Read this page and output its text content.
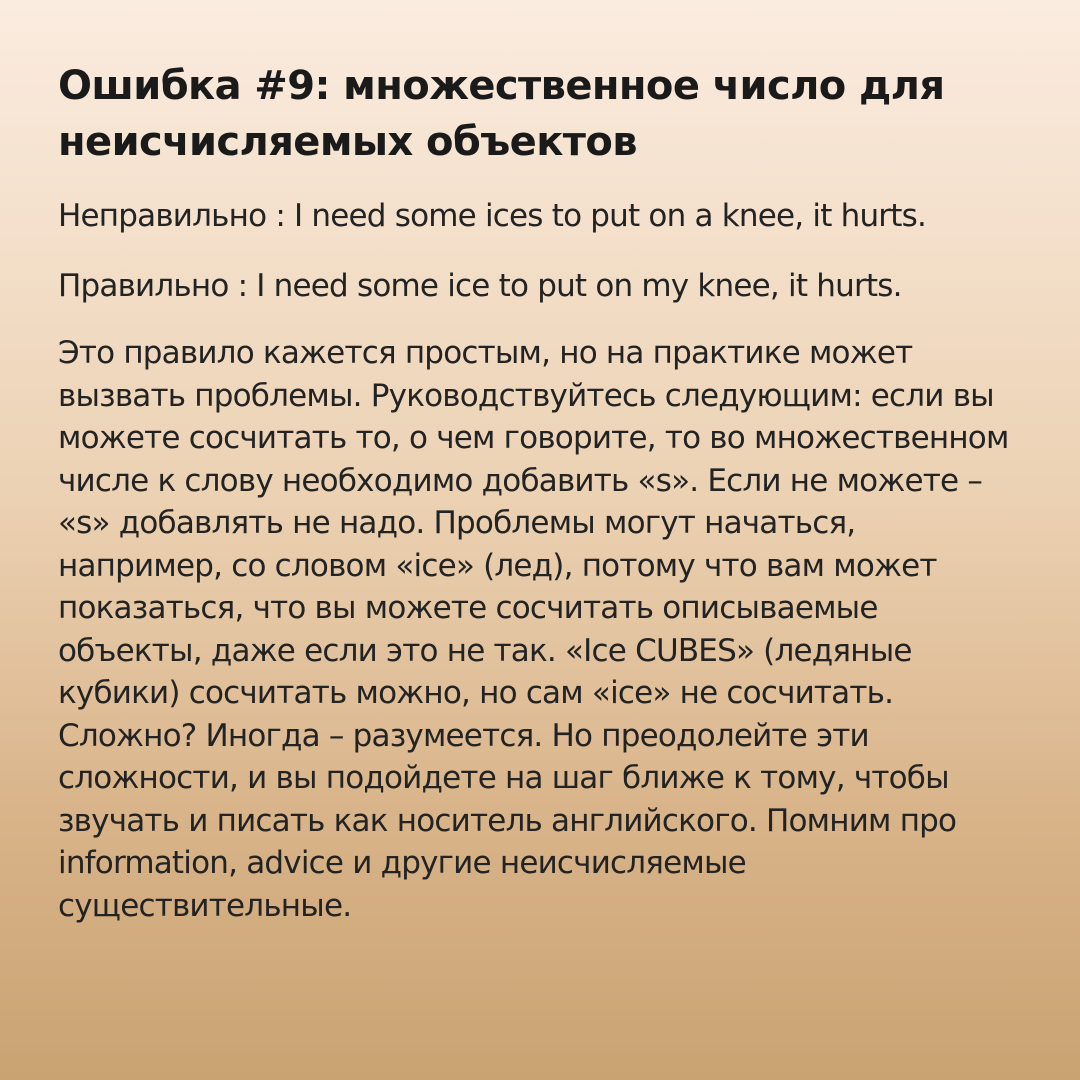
Ошибка #9: множественное число для неисчисляемых объектов

Неправильно : I need some ices to put on a knee, it hurts.

Правильно : I need some ice to put on my knee, it hurts.

Это правило кажется простым, но на практике может вызвать проблемы. Руководствуйтесь следующим: если вы можете сосчитать то, о чем говорите, то во множественном числе к слову необходимо добавить «s». Если не можете – «s» добавлять не надо. Проблемы могут начаться, например, со словом «ice» (лед), потому что вам может показаться, что вы можете сосчитать описываемые объекты, даже если это не так. «Ice CUBES» (ледяные кубики) сосчитать можно, но сам «ice» не сосчитать. Сложно? Иногда – разумеется. Но преодолейте эти сложности, и вы подойдете на шаг ближе к тому, чтобы звучать и писать как носитель английского. Помним про information, advice и другие неисчисляемые существительные.
